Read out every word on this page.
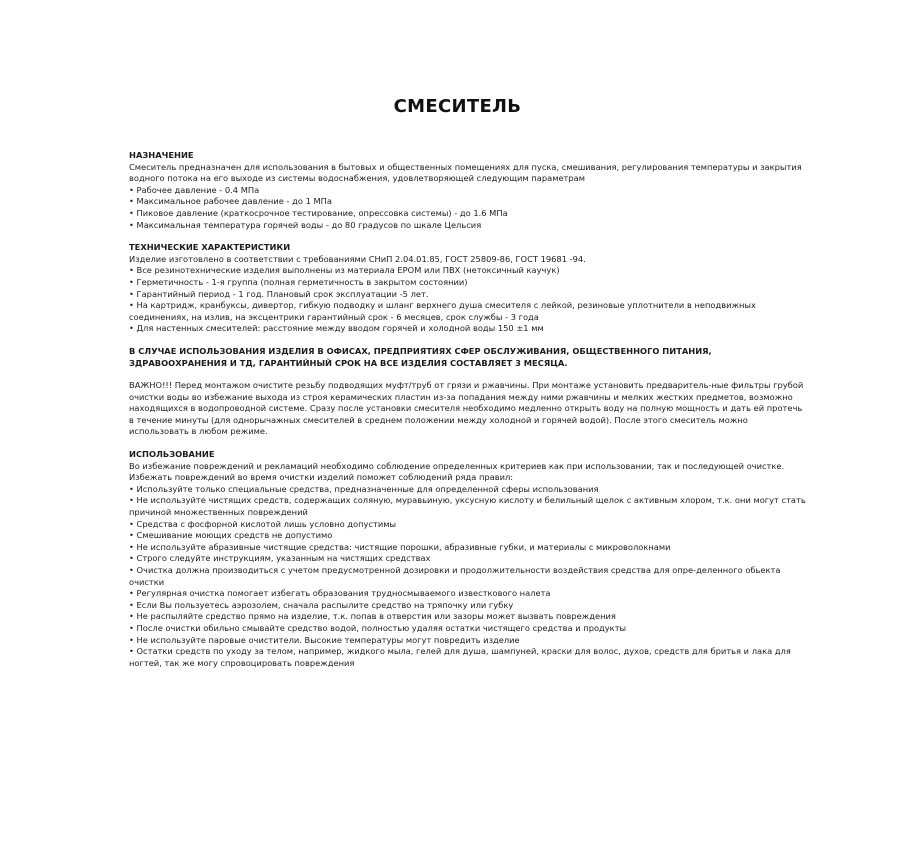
СМЕСИТЕЛЬ
НАЗНАЧЕНИЕ
Смеситель предназначен для использования в бытовых и общественных помещениях для пуска, смешивания, регулирования температуры и закрытия водного потока на его выходе из системы водоснабжения, удовлетворяющей следующим параметрам
• Рабочее давление - 0.4 МПа
• Максимальное рабочее давление - до 1 МПа
• Пиковое давление (краткосрочное тестирование, опрессовка системы) - до 1.6 МПа
• Максимальная температура горячей воды - до 80 градусов по шкале Цельсия
ТЕХНИЧЕСКИЕ ХАРАКТЕРИСТИКИ
Изделие изготовлено в соответствии с требованиями СНиП 2.04.01.85, ГОСТ 25809-86, ГОСТ 19681 -94.
• Все резинотехнические изделия выполнены из материала EPOM или ПВХ (нетоксичный каучук)
• Герметичность - 1-я группа (полная герметичность в закрытом состоянии)
• Гарантийный период - 1 год. Плановый срок эксплуатации -5 лет.
• На картридж, кранбуксы, дивертор, гибкую подводку и шланг верхнего душа смесителя с лейкой, резиновые уплотнители в неподвижных соединениях, на излив, на эксцентрики гарантийный срок - 6 месяцев, срок службы - 3 года
• Для настенных смесителей: расстояние между вводом горячей и холодной воды 150 ±1 мм
В СЛУЧАЕ ИСПОЛЬЗОВАНИЯ ИЗДЕЛИЯ В ОФИСАХ, ПРЕДПРИЯТИЯХ СФЕР ОБСЛУЖИВАНИЯ, ОБЩЕСТВЕННОГО ПИТАНИЯ, ЗДРАВООХРАНЕНИЯ И ТД, ГАРАНТИЙНЫЙ СРОК НА ВСЕ ИЗДЕЛИЯ СОСТАВЛЯЕТ 3 МЕСЯЦА.
ВАЖНО!!! Перед монтажом очистите резьбу подводящих муфт/труб от грязи и ржавчины. При монтаже установить предваритель-ные фильтры грубой очистки воды во избежание выхода из строя керамических пластин из-за попадания между ними ржавчины и мелких жестких предметов, возможно находящихся в водопроводной системе. Сразу после установки смесителя необходимо медленно открыть воду на полную мощность и дать ей протечь в течение минуты (для однорычажных смесителей в среднем положении между холодной и горячей водой). После этого смеситель можно использовать в любом режиме.
ИСПОЛЬЗОВАНИЕ
Во избежание повреждений и рекламаций необходимо соблюдение определенных критериев как при использовании, так и последующей очистке. Избежать повреждений во время очистки изделий поможет соблюдений ряда правил:
• Используйте только специальные средства, предназначенные для определенной сферы использования
• Не используйте чистящих средств, содержащих соляную, муравьиную, уксусную кислоту и белильный щелок с активным хлором, т.к. они могут стать причиной множественных повреждений
• Средства с фосфорной кислотой лишь условно допустимы
• Смешивание моющих средств не допустимо
• Не используйте абразивные чистящие средства: чистящие порошки, абразивные губки, и материалы с микроволокнами
• Строго следуйте инструкциям, указанным на чистящих средствах
• Очистка должна производиться с учетом предусмотренной дозировки и продолжительности воздействия средства для опре-деленного обьекта очистки
• Регулярная очистка помогает избегать образования трудносмываемого известкового налета
• Если Вы пользуетесь аэрозолем, сначала распылите средство на тряпочку или губку
• Не распыляйте средство прямо на изделие, т.к. попав в отверстия или зазоры может вызвать повреждения
• После очистки обильно смывайте средство водой, полностью удаляя остатки чистящего средства и продукты
• Не используйте паровые очистители. Высокие температуры могут повредить изделие
• Остатки средств по уходу за телом, например, жидкого мыла, гелей для душа, шампуней, краски для волос, духов, средств для бритья и лака для ногтей, так же могу спровоцировать повреждения
